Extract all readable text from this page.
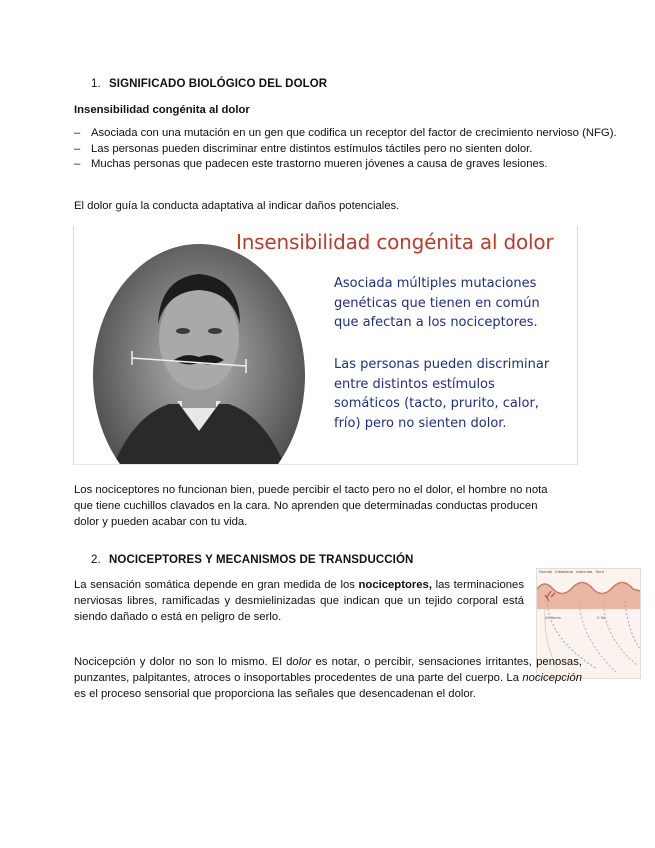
1. SIGNIFICADO BIOLÓGICO DEL DOLOR
Insensibilidad congénita al dolor
– Asociada con una mutación en un gen que codifica un receptor del factor de crecimiento nervioso (NFG).
– Las personas pueden discriminar entre distintos estímulos táctiles pero no sienten dolor.
– Muchas personas que padecen este trastorno mueren jóvenes a causa de graves lesiones.
El dolor guía la conducta adaptativa al indicar daños potenciales.
Insensibilidad congénita al dolor
Asociada múltiples mutaciones
genéticas que tienen en común
que afectan a los nociceptores.
Las personas pueden discriminar
entre distintos estímulos
somáticos (tacto, prurito, calor,
frío) pero no sienten dolor.
Los nociceptores no funcionan bien, puede percibir el tacto pero no el dolor, el hombre no nota
que tiene cuchillos clavados en la cara. No aprenden que determinadas conductas producen
dolor y pueden acabar con tu vida.
2. NOCICEPTORES Y MECANISMOS DE TRANSDUCCIÓN
La sensación somática depende en gran medida de los nociceptores, las terminaciones nerviosas libres, ramificadas y desmielinizadas que indican que un tejido corporal está siendo dañado o está en peligro de serlo.
Normal Inflamada Adherida Sent
Aδ fibers	C fib
Nocicepción y dolor no son lo mismo. El dolor es notar, o percibir, sensaciones irritantes, penosas, punzantes, palpitantes, atroces o insoportables procedentes de una parte del cuerpo. La nocicepción es el proceso sensorial que proporciona las señales que desencadenan el dolor.
